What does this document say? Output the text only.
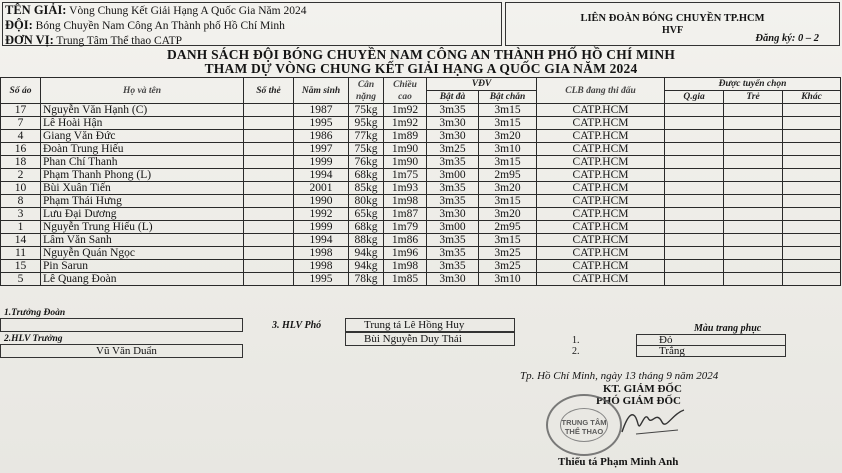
TÊN GIẢI: Vòng Chung Kết Giải Hạng A Quốc Gia Năm 2024
ĐỘI: Bóng Chuyền Nam Công An Thành phố Hồ Chí Minh
ĐƠN VỊ: Trung Tâm Thể thao CATP
LIÊN ĐOÀN BÓNG CHUYỀN TP.HCM
HVF
Đăng ký: 0 – 2
DANH SÁCH ĐỘI BÓNG CHUYỀN NAM CÔNG AN THÀNH PHỐ HỒ CHÍ MINH
THAM DỰ VÒNG CHUNG KẾT GIẢI HẠNG A QUỐC GIA NĂM 2024
Số áo	Họ và tên	Số thẻ	Năm sinh	Cân nặng	Chiều cao	VĐV		CLB đang thi đấu	Được tuyển chọn		
						Bật đà	Bật chắn		Q.gia	Trẻ	Khác
17	Nguyễn Văn Hạnh (C)		1987	75kg	1m92	3m35	3m15	CATP.HCM			
7	Lê Hoài Hận		1995	95kg	1m92	3m30	3m15	CATP.HCM			
4	Giang Văn Đức		1986	77kg	1m89	3m30	3m20	CATP.HCM			
16	Đoàn Trung Hiếu		1997	75kg	1m90	3m25	3m10	CATP.HCM			
18	Phan Chí Thanh		1999	76kg	1m90	3m35	3m15	CATP.HCM			
2	Phạm Thanh Phong (L)		1994	68kg	1m75	3m00	2m95	CATP.HCM			
10	Bùi Xuân Tiến		2001	85kg	1m93	3m35	3m20	CATP.HCM			
8	Phạm Thái Hưng		1990	80kg	1m98	3m35	3m15	CATP.HCM			
3	Lưu Đại Dương		1992	65kg	1m87	3m30	3m20	CATP.HCM			
1	Nguyễn Trung Hiếu (L)		1999	68kg	1m79	3m00	2m95	CATP.HCM			
14	Lâm Văn Sanh		1994	88kg	1m86	3m35	3m15	CATP.HCM			
11	Nguyễn Quán Ngọc		1998	94kg	1m96	3m35	3m25	CATP.HCM			
15	Pin Sarun		1998	94kg	1m98	3m35	3m25	CATP.HCM			
5	Lê Quang Đoàn		1995	78kg	1m85	3m30	3m10	CATP.HCM			
1.Trưởng Đoàn
2.HLV Trưởng
Vũ Văn Duẩn
3. HLV Phó	Trung tá Lê Hồng Huy
Bùi Nguyễn Duy Thái
Màu trang phục
1.
2.
Đỏ
Trắng
Tp. Hồ Chí Minh, ngày 13 tháng 9 năm 2024
KT. GIÁM ĐỐC
PHÓ GIÁM ĐỐC
TRUNG TÂM
THỂ THAO
Thiếu tá Phạm Minh Anh
